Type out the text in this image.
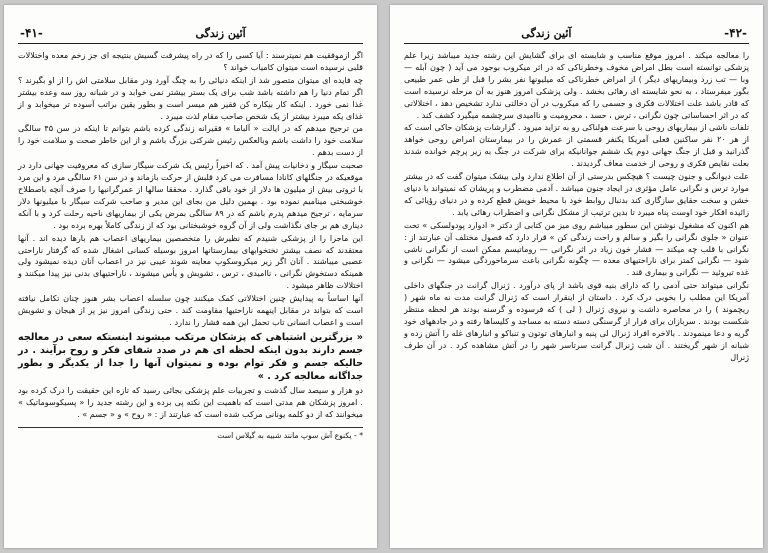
-۴۱-	آئین زندگی

اگر ازموفقیت هم نمیترسند : آیا کسی را که در راه پیشرفت گسیش بنتیجه ای جز زخم معده واختلالات قلبی نرسیده است میتوان کامیاب خواند ؟

چه فایده ای میتوان متصور شد از اینکه دنیائی را به چنگ آورد ودر مقابل سلامتی اش را از او بگیرند ؟ اگر تمام دنیا را هم داشته باشد شب برای یک بستر بیشتر نمی خوابد و در شبانه روز سه وعده بیشتر غذا نمی خورد . اینکه کار بیکاره کن فقیر هم میسر است و بطور یقین براتب آسوده تر میخوابد و از غذای یکه میبرد بیشتر از یک شخص صاحب مقام لذت میبرد .

من ترجیح میدهم که در ایالت « آلباما » فقیرانه زندگی کرده باشم بتوانم تا اینکه در سن ۴۵ سالگی سلامت خود را داشت باشم وبالعکس رئیس شرکتی بزرگ باشم و از این خاطر صحت و سلامت خود را از دست بدهم .

صحبت سیگار و دخانیات پیش آمد . که اخیراً رئیس یک شرکت سیگار سازی که معروفیت جهانی دارد در موقعیکه در جنگلهای کانادا مسافرت می کرد قلبش از حرکت بازماند و در سن ۶۱ سالگی مرد و این مرد با ثروتی بیش از میلیون ها دلار از خود باقی گذارد . محققا سالها از عمرگرانبها را صرف آنچه باصطلاح خوشبختی مینامیم نموده بود . بهمین دلیل من بجای این مدیر و صاحب شرکت سیگار با میلیونها دلار سرمایه ، ترجیح میدهم پدرم باشم که در ۸۹ سالگی بمرض یکی از بیماریهای ناحیه رحلت کرد و با آنکه دیناری هم بر جای نگذاشت ولی از آن گروه خوشبختانی بود که از زندگی کاملاً بهره برده بود .

این ماجرا را از پزشکی شنیدم که نظیرش را متخصصین بیماریهای اعصاب هم بارها دیده اند . آنها معتقدند که نصف بیشتر تختخوابهای بیمارستانها امروز بوسیله کسانی اشغال شده که گرفتار ناراحتی عصبی میباشند . آنان اگر زیر میکروسکوپ معاینه شوند عیبی نیز در اعصاب آنان دیده نمیشود ولی همینکه دستخوش نگرانی ، ناامیدی ، ترس ، تشویش و یأس میشوند ، ناراحتیهای بدنی نیز پیدا میکنند و اختلالات ظاهر میشود .

آنها اساساً به پیدایش چنین اختلالاتی کمک میکنند چون سلسله اعصاب بشر هنوز چنان تکامل نیافته است که بتواند در مقابل اینهمه ناراحتیها مقاومت کند . حتی زندگی امروز نیز پر از هیجان و تشویش است و اعصاب انسانی تاب تحمل این همه فشار را ندارد .

« بزرگترین اشتباهی که پزشکان مرتکب میشوند اینستکه سعی در معالجه جسم دارند بدون اینکه لحظه ای هم در صدد شفای فکر و روح برآیند . در حالیکه جسم و فکر توام بوده و نمیتوان آنها را جدا از یکدیگر و بطور جداگانه معالجه کرد . »

دو هزار و سیصد سال گذشت و تجربیات علم پزشکی بجائی رسید که تازه این حقیقت را درک کرده بود . امروز پزشکان هم مدتی است که باهمیت این نکته پی برده و این رشته جدید را « پسیکوسوماتیک » میخوانند که از دو کلمه یونانی مرکب شده است که عبارتند از : « روح » و « جسم » .

* - یکنوع آش سوپ مانند شبیه به گیلاس است

آئین زندگی	-۴۲-

را معالجه میکند . امروز موقع مناسب و شایسته ای برای گشایش این رشته جدید میباشد زیرا علم پزشکی توانسته است بطل امراض مخوف وخطرناکی که در اثر میکروب بوجود می آید ( چون آبله — وبا — تب زرد وبیماریهای دیگر ) از امراض خطرناکی که میلیونها نفر بشر را قبل از طی عمر طبیعی بگور میفرستاد ، به نحو شایسته ای رهائی بخشد . ولی پزشکی امروز هنوز به آن مرحله نرسیده است که قادر باشد علت اختلالات فکری و جسمی را که میکروب در آن دخالتی ندارد تشخیص دهد ، اختلالاتی که در اثر احساساتی چون نگرانی ، ترس ، حسد ، محرومیت و ناامیدی سرچشمه میگیرد کشف کند .

تلفات ناشی از بیماریهای روحی با سرعت هولناکی رو به تزاید میرود . گزارشات پزشکان حاکی است که از هر ۲۰ نفر ساکنین فعلی آمریکا یکنفر قسمتی از عمرش را در بیمارستان امراض روحی خواهد گذرانید و قبل از جنگ جهانی دوم یک ششم جوانانیکه برای شرکت در جنگ به زیر پرچم خوانده شدند بعلت نقایص فکری و روحی از خدمت معاف گردیدند .

علت دیوانگی و جنون چیست ؟ هیچکس بدرستی از آن اطلاع ندارد ولی بیشک میتوان گفت که در بیشتر موارد ترس و نگرانی عامل مؤثری در ایجاد جنون میباشد . آدمی مضطرب و پریشان که نمیتواند با دنیای خشن و سخت حقایق سازگاری کند بدنبال روابط خود با محیط خویش قطع کرده و در دنیای رؤیائی که زائیده افکار خود اوست پناه میبرد تا بدین ترتیب از مشکل نگرانی و اضطراب رهائی یابد .

هم اکنون که مشغول نوشتن این سطور میباشم روی میز من کتابی از دکتر « ادوارد پودولسکی » تحت عنوان « جلوی نگرانی را بگیر و سالم و راحت زندگی کن » قرار دارد که فصول مختلف آن عبارتند از : نگرانی با قلب چه میکند — فشار خون زیاد در اثر نگرانی — روماتیسم ممکن است از نگرانی ناشی شود — نگرانی کمتر برای ناراحتیهای معده — چگونه نگرانی باعث سرماخوردگی میشود — نگرانی و غده تیروئید — نگرانی و بیماری قند .

نگرانی میتواند حتی آدمی را که دارای بنیه قوی باشد از پای درآورد . ژنرال گرانت در جنگهای داخلی آمریکا این مطلب را بخوبی درک کرد . داستان از اینقرار است که ژنرال گرانت مدت نه ماه شهر ( ریچموند ) را در محاصره داشت و نیروی ژنرال ( لی ) که فرسوده و گرسنه بودند هر لحظه منتظر شکست بودند . سربازان برای فرار از گرسنگی دسته دسته به مساجد و کلیساها رفته و در جادههای خود گریه و دعا مینمودند . بالاخره افراد ژنرال لی پنبه و انبارهای توتون و تنباکو و انبارهای غله را آتش زده و شبانه از شهر گریختند . آن شب ژنرال گرانت سرتاسر شهر را در آتش مشاهده کرد . در آن طرف ژنرال
